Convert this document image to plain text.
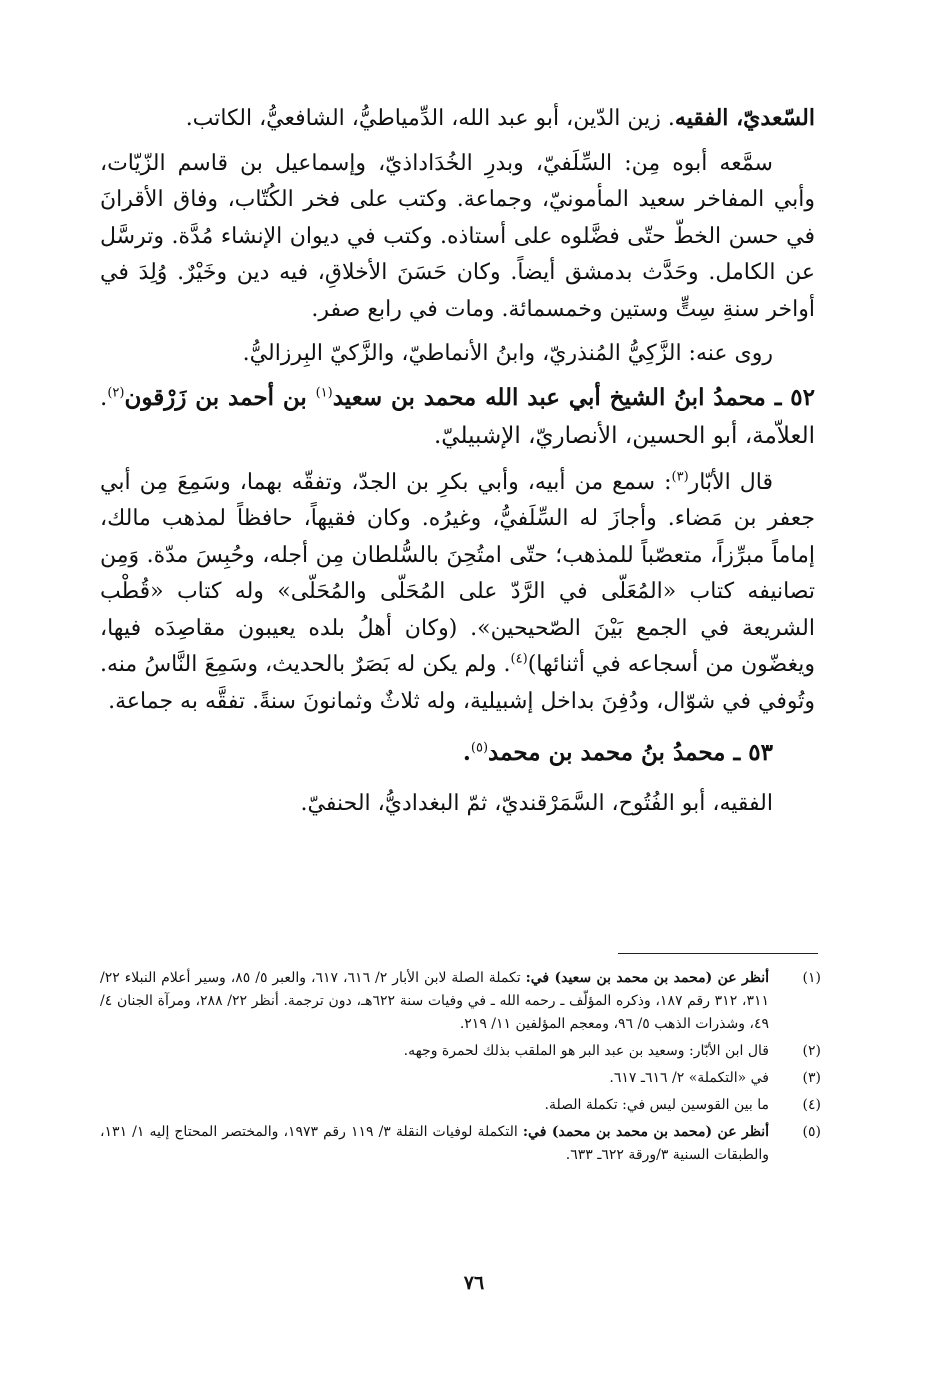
السّعديّ، الفقيه. زين الدّين، أبو عبد الله، الدِّمياطيُّ، الشافعيُّ، الكاتب.

سمَّعه أبوه مِن: السِّلَفيّ، وبدرِ الخُدَاداذيّ، وإسماعيل بن قاسم الزّيّات، وأبي المفاخر سعيد المأمونيّ، وجماعة. وكتب على فخر الكُتّاب، وفاق الأقرانَ في حسن الخطّ حتّى فضَّلوه على أستاذه. وكتب في ديوان الإنشاء مُدَّة. وترسَّل عن الكامل. وحَدَّث بدمشق أيضاً. وكان حَسَنَ الأخلاقِ، فيه دين وخَيْرٌ. وُلِدَ في أواخر سنةِ سِتٍّ وستين وخمسمائة. ومات في رابع صفر.

روى عنه: الزَّكِيُّ المُنذريّ، وابنُ الأنماطيّ، والزَّكيّ البِرزاليُّ.

٥٢ ـ محمدُ ابنُ الشيخ أبي عبد الله محمد بن سعيد$^{(١)}$ بن أحمد بن زَرْقون$^{(٢)}$. العلاّمة، أبو الحسين، الأنصاريّ، الإشبيليّ.

قال الأبّار$^{(٣)}$: سمع من أبيه، وأبي بكرِ بن الجدّ، وتفقّه بهما، وسَمِعَ مِن أبي جعفر بن مَضاء. وأجازَ له السِّلَفيُّ، وغيرُه. وكان فقيهاً، حافظاً لمذهب مالك، إماماً مبرِّزاً، متعصّباً للمذهب؛ حتّى امتُحِنَ بالسُّلطان مِن أجله، وحُبِسَ مدّة. وَمِن تصانيفه كتاب «المُعَلّى في الرَّدّ على المُحَلّى والمُحَلّى» وله كتاب «قُطْب الشريعة في الجمع بَيْنَ الصّحيحين». (وكان أهلُ بلده يعيبون مقاصِدَه فيها، ويغضّون من أسجاعه في أثنائها)$^{(٤)}$. ولم يكن له بَصَرٌ بالحديث، وسَمِعَ النَّاسُ منه. وتُوفي في شوّال، ودُفِنَ بداخل إشبيلية، وله ثلاثٌ وثمانونَ سنةً. تفقَّه به جماعة.

٥٣ ـ محمدُ بنُ محمد بن محمد$^{(٥)}$.

الفقيه، أبو الفُتُوح، السَّمَرْقنديّ، ثمّ البغداديُّ، الحنفيّ.

(١)
أنظر عن (محمد بن محمد بن سعيد) في: تكملة الصلة لابن الأبار ٢/ ٦١٦، ٦١٧، والعبر ٥/ ٨٥، وسير أعلام النبلاء ٢٢/ ٣١١، ٣١٢ رقم ١٨٧، وذكره المؤلّف ـ رحمه الله ـ في وفيات سنة ٦٢٢هـ، دون ترجمة. أنظر ٢٢/ ٢٨٨، ومرآة الجنان ٤/ ٤٩، وشذرات الذهب ٥/ ٩٦، ومعجم المؤلفين ١١/ ٢١٩.
(٢)
قال ابن الأبّار: وسعيد بن عبد البر هو الملقب بذلك لحمرة وجهه.
(٣)
في «التكملة» ٢/ ٦١٦ـ ٦١٧.
(٤)
ما بين القوسين ليس في: تكملة الصلة.
(٥)
أنظر عن (محمد بن محمد بن محمد) في: التكملة لوفيات النقلة ٣/ ١١٩ رقم ١٩٧٣، والمختصر المحتاج إليه ١/ ١٣١، والطبقات السنية ٣/ورقة ٦٢٢ـ ٦٣٣.
٧٦
